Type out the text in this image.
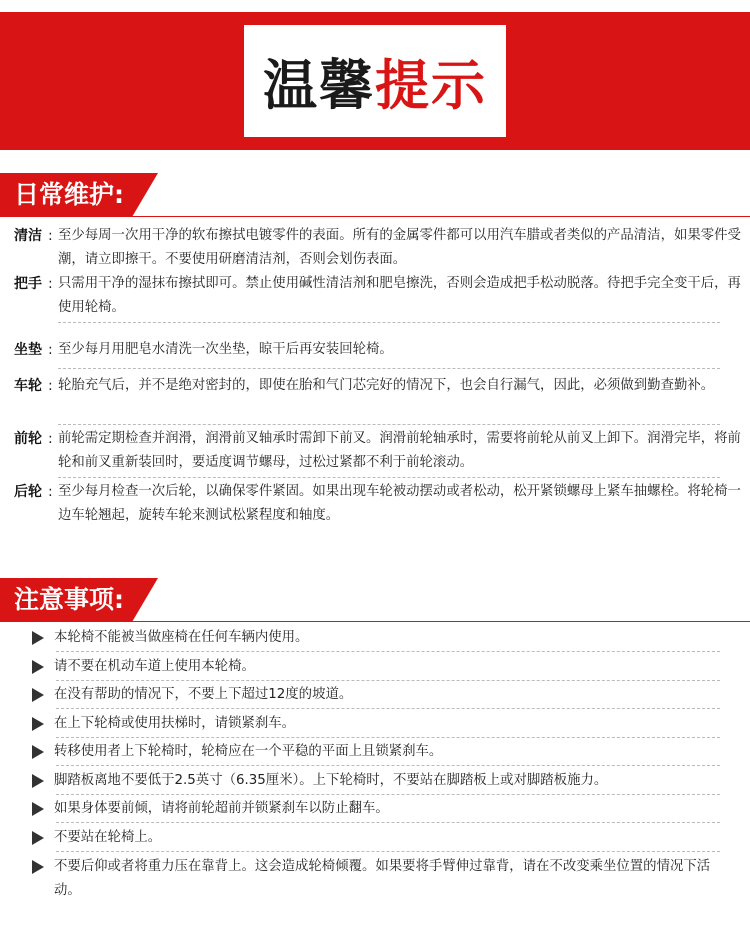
温馨提示
日常维护:
清洁 : 至少每周一次用干净的软布擦拭电镀零件的表面。所有的金属零件都可以用汽车腊或者类似的产品清洁，如果零件受潮，请立即擦干。不要使用研磨清洁剂，否则会划伤表面。
把手 : 只需用干净的湿抹布擦拭即可。禁止使用碱性清洁剂和肥皂擦洗，否则会造成把手松动脱落。待把手完全变干后，再使用轮椅。
坐垫 : 至少每月用肥皂水清洗一次坐垫，晾干后再安装回轮椅。
车轮 : 轮胎充气后，并不是绝对密封的，即使在胎和气门芯完好的情况下，也会自行漏气，因此，必须做到勤查勤补。
前轮 : 前轮需定期检查并润滑，润滑前叉轴承时需卸下前叉。润滑前轮轴承时，需要将前轮从前叉上卸下。润滑完毕，将前轮和前叉重新装回时，要适度调节螺母，过松过紧都不利于前轮滚动。
后轮 : 至少每月检查一次后轮，以确保零件紧固。如果出现车轮被动摆动或者松动，松开紧锁螺母上紧车抽螺栓。将轮椅一边车轮翘起，旋转车轮来测试松紧程度和轴度。
注意事项:
本轮椅不能被当做座椅在任何车辆内使用。
请不要在机动车道上使用本轮椅。
在没有帮助的情况下，不要上下超过12度的坡道。
在上下轮椅或使用扶梯时，请锁紧刹车。
转移使用者上下轮椅时，轮椅应在一个平稳的平面上且锁紧刹车。
脚踏板离地不要低于2.5英寸（6.35厘米）。上下轮椅时，不要站在脚踏板上或对脚踏板施力。
如果身体要前倾，请将前轮超前并锁紧刹车以防止翻车。
不要站在轮椅上。
不要后仰或者将重力压在靠背上。这会造成轮椅倾覆。如果要将手臂伸过靠背，请在不改变乘坐位置的情况下活动。
